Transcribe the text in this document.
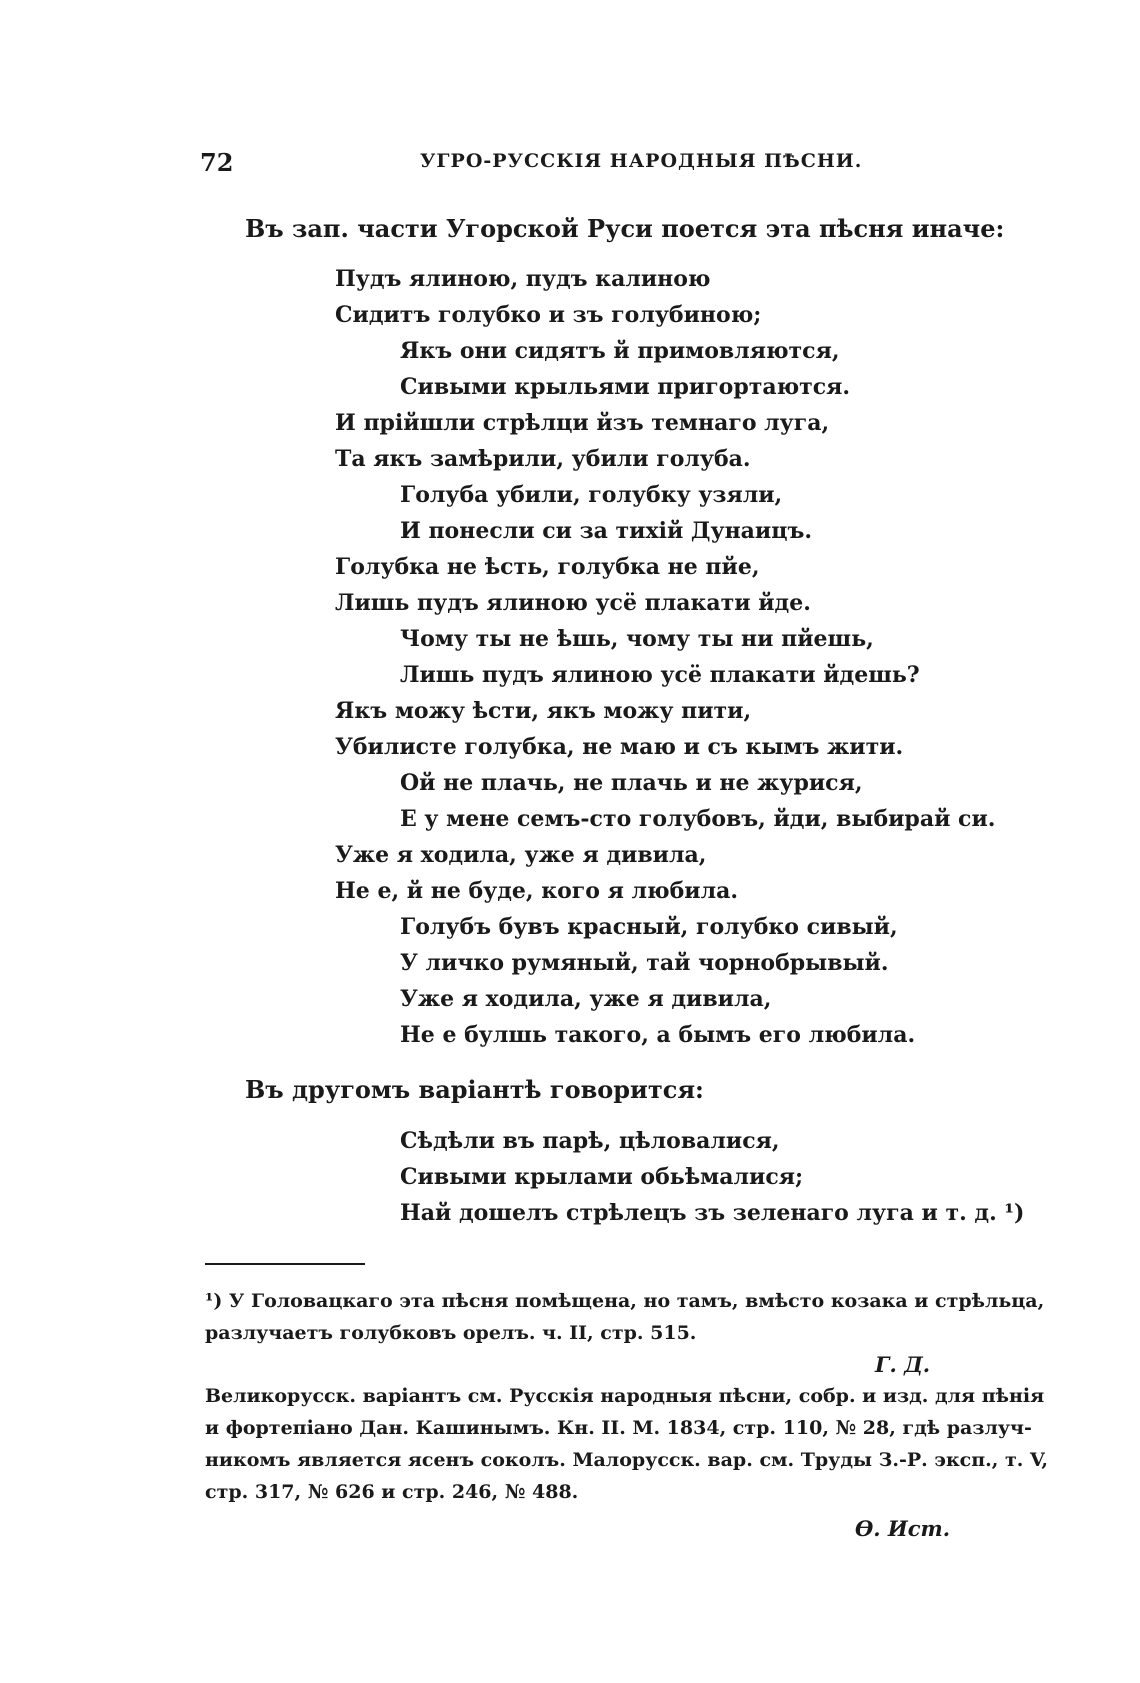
72	УГРО-РУССКІЯ НАРОДНЫЯ ПѢСНИ.
Въ зап. части Угорской Руси поется эта пѣсня иначе:
Пудъ ялиною, пудъ калиною
Сидитъ голубко и зъ голубиною;
Якъ они сидятъ й примовляются,
Сивыми крыльями пригортаются.
И прійшли стрѣлци йзъ темнаго луга,
Та якъ замѣрили, убили голуба.
Голуба убили, голубку узяли,
И понесли си за тихій Дунаицъ.
Голубка не ѣсть, голубка не пйе,
Лишь пудъ ялиною усё плакати йде.
Чому ты не ѣшь, чому ты ни пйешь,
Лишь пудъ ялиною усё плакати йдешь?
Якъ можу ѣсти, якъ можу пити,
Убилисте голубка, не маю и съ кымъ жити.
Ой не плачь, не плачь и не журися,
Е у мене семъ-сто голубовъ, йди, выбирай си.
Уже я ходила, уже я дивила,
Не е, й не буде, кого я любила.
Голубъ бувъ красный, голубко сивый,
У личко румяный, тай чорнобрывый.
Уже я ходила, уже я дивила,
Не е булшь такого, а бымъ его любила.
Въ другомъ варіантѣ говорится:
Сѣдѣли въ парѣ, цѣловалися,
Сивыми крылами обьѣмалися;
Най дошелъ стрѣлецъ зъ зеленаго луга и т. д. ¹)
¹) У Головацкаго эта пѣсня помѣщена, но тамъ, вмѣсто козака и стрѣльца,
разлучаетъ голубковъ орелъ. ч. II, стр. 515.
Г. Д.
Великорусск. варіантъ см. Русскія народныя пѣсни, собр. и изд. для пѣнія
и фортепіано Дан. Кашинымъ. Кн. II. М. 1834, стр. 110, № 28, гдѣ разлуч-
никомъ является ясенъ соколъ. Малорусск. вар. см. Труды З.-Р. эксп., т. V,
стр. 317, № 626 и стр. 246, № 488.
Ѳ. Ист.
